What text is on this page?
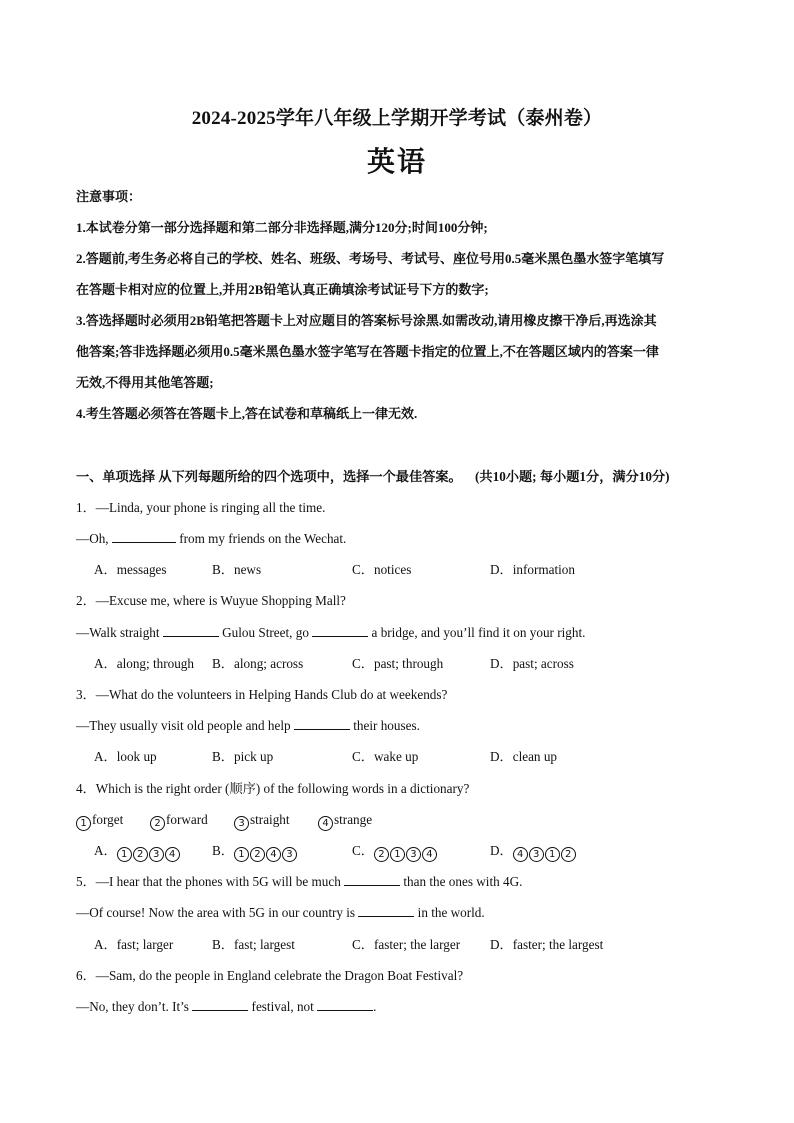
2024-2025学年八年级上学期开学考试（泰州卷）
英语
注意事项：
1.本试卷分第一部分选择题和第二部分非选择题,满分120分;时间100分钟;
2.答题前,考生务必将自己的学校、姓名、班级、考场号、考试号、座位号用0.5毫米黑色墨水签字笔填写
在答题卡相对应的位置上,并用2B铅笔认真正确填涂考试证号下方的数字;
3.答选择题时必须用2B铅笔把答题卡上对应题目的答案标号涂黑.如需改动,请用橡皮擦干净后,再选涂其
他答案;答非选择题必须用0.5毫米黑色墨水签字笔写在答题卡指定的位置上,不在答题区域内的答案一律
无效,不得用其他笔答题;
4.考生答题必须答在答题卡上,答在试卷和草稿纸上一律无效.
一、单项选择 从下列每题所给的四个选项中，选择一个最佳答案。 (共10小题; 每小题1分，满分10分)
1．—Linda, your phone is ringing all the time.
—Oh,	from my friends on the Wechat.
A．messages	B．news	C．notices	D．information
2．—Excuse me, where is Wuyue Shopping Mall?
—Walk straight	Gulou Street, go	a bridge, and you’ll find it on your right.
A．along; through B．along; across	C．past; through	D．past; across
3．—What do the volunteers in Helping Hands Club do at weekends?
—They usually visit old people and help	their houses.
A．look up	B．pick up	C．wake up	D．clean up
4．Which is the right order (顺序) of the following words in a dictionary?
1 forget	2 forward	3 straight	4 strange
A． 1 2 3 4	B． 1 2 4 3	C． 2 1 3 4	D． 4 3 1 2
5．—I hear that the phones with 5G will be much	than the ones with 4G.
—Of course! Now the area with 5G in our country is	in the world.
A．fast; larger	B．fast; largest	C．faster; the larger D．faster; the largest
6．—Sam, do the people in England celebrate the Dragon Boat Festival?
—No, they don’t. It’s	festival, not	.
